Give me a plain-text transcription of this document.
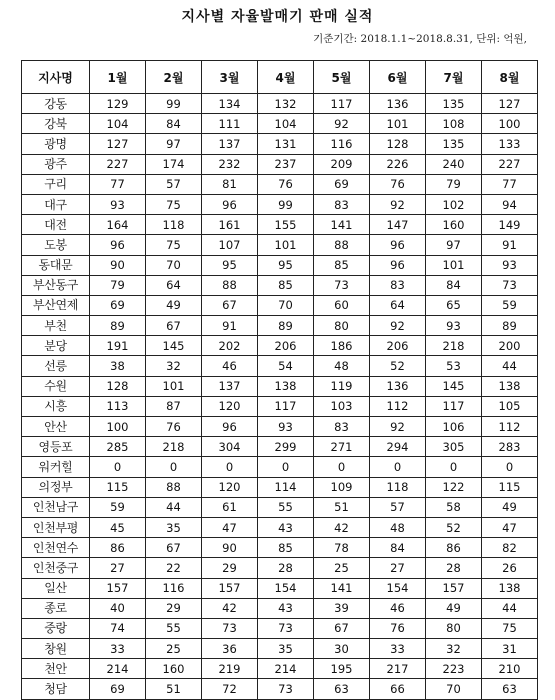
지사별 자율발매기 판매 실적
기준기간: 2018.1.1~2018.8.31, 단위: 억원,
지사명	1월	2월	3월	4월	5월	6월	7월	8월
강동	129	99	134	132	117	136	135	127
강북	104	84	111	104	92	101	108	100
광명	127	97	137	131	116	128	135	133
광주	227	174	232	237	209	226	240	227
구리	77	57	81	76	69	76	79	77
대구	93	75	96	99	83	92	102	94
대전	164	118	161	155	141	147	160	149
도봉	96	75	107	101	88	96	97	91
동대문	90	70	95	95	85	96	101	93
부산동구	79	64	88	85	73	83	84	73
부산연제	69	49	67	70	60	64	65	59
부천	89	67	91	89	80	92	93	89
분당	191	145	202	206	186	206	218	200
선릉	38	32	46	54	48	52	53	44
수원	128	101	137	138	119	136	145	138
시흥	113	87	120	117	103	112	117	105
안산	100	76	96	93	83	92	106	112
영등포	285	218	304	299	271	294	305	283
워커힐	0	0	0	0	0	0	0	0
의정부	115	88	120	114	109	118	122	115
인천남구	59	44	61	55	51	57	58	49
인천부평	45	35	47	43	42	48	52	47
인천연수	86	67	90	85	78	84	86	82
인천중구	27	22	29	28	25	27	28	26
일산	157	116	157	154	141	154	157	138
종로	40	29	42	43	39	46	49	44
중랑	74	55	73	73	67	76	80	75
창원	33	25	36	35	30	33	32	31
천안	214	160	219	214	195	217	223	210
청담	69	51	72	73	63	66	70	63
